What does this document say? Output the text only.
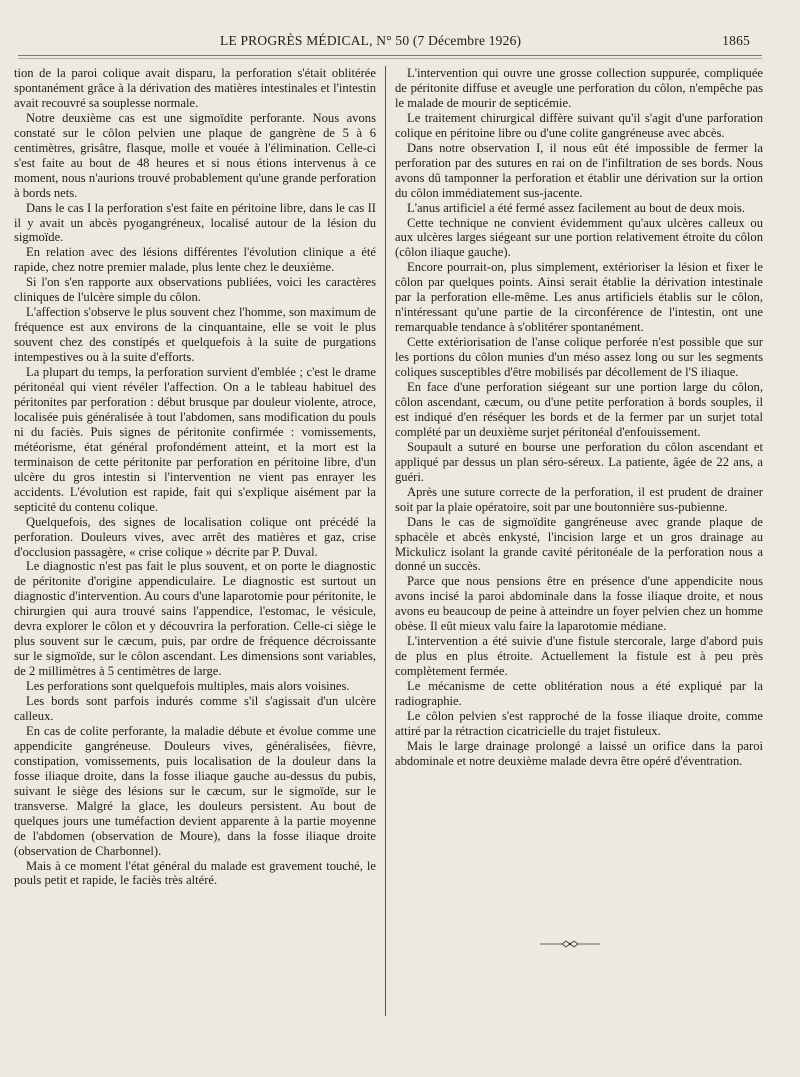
LE PROGRÈS MÉDICAL, N° 50 (7 Décembre 1926)	1865

tion de la paroi colique avait disparu, la perforation s'était oblitérée spontanément grâce à la dérivation des matières intestinales et l'intestin avait recouvré sa souplesse normale.

Notre deuxième cas est une sigmoïdite perforante. Nous avons constaté sur le côlon pelvien une plaque de gangrène de 5 à 6 centimètres, grisâtre, flasque, molle et vouée à l'élimination. Celle-ci s'est faite au bout de 48 heures et si nous étions intervenus à ce moment, nous n'aurions trouvé probablement qu'une grande perforation à bords nets.

Dans le cas I la perforation s'est faite en péritoine libre, dans le cas II il y avait un abcès pyogangréneux, localisé autour de la lésion du sigmoïde.

En relation avec des lésions différentes l'évolution clinique a été rapide, chez notre premier malade, plus lente chez le deuxième.

Si l'on s'en rapporte aux observations publiées, voici les caractères cliniques de l'ulcère simple du côlon.

L'affection s'observe le plus souvent chez l'homme, son maximum de fréquence est aux environs de la cinquantaine, elle se voit le plus souvent chez des constipés et quelquefois à la suite de purgations intempestives ou à la suite d'efforts.

La plupart du temps, la perforation survient d'emblée ; c'est le drame péritonéal qui vient révéler l'affection. On a le tableau habituel des péritonites par perforation : début brusque par douleur violente, atroce, localisée puis généralisée à tout l'abdomen, sans modification du pouls ni du faciès. Puis signes de péritonite confirmée : vomissements, météorisme, état général profondément atteint, et la mort est la terminaison de cette péritonite par perforation en péritoine libre, d'un ulcère du gros intestin si l'intervention ne vient pas enrayer les accidents. L'évolution est rapide, fait qui s'explique aisément par la septicité du contenu colique.

Quelquefois, des signes de localisation colique ont précédé la perforation. Douleurs vives, avec arrêt des matières et gaz, crise d'occlusion passagère, « crise colique » décrite par P. Duval.

Le diagnostic n'est pas fait le plus souvent, et on porte le diagnostic de péritonite d'origine appendiculaire. Le diagnostic est surtout un diagnostic d'intervention. Au cours d'une laparotomie pour péritonite, le chirurgien qui aura trouvé sains l'appendice, l'estomac, le vésicule, devra explorer le côlon et y découvrira la perforation. Celle-ci siège le plus souvent sur le cæcum, puis, par ordre de fréquence décroissante sur le sigmoïde, sur le côlon ascendant. Les dimensions sont variables, de 2 millimètres à 5 centimètres de large.

Les perforations sont quelquefois multiples, mais alors voisines.

Les bords sont parfois indurés comme s'il s'agissait d'un ulcère calleux.

En cas de colite perforante, la maladie débute et évolue comme une appendicite gangréneuse. Douleurs vives, généralisées, fièvre, constipation, vomissements, puis localisation de la douleur dans la fosse iliaque droite, dans la fosse iliaque gauche au-dessus du pubis, suivant le siège des lésions sur le cæcum, sur le sigmoïde, sur le transverse. Malgré la glace, les douleurs persistent. Au bout de quelques jours une tuméfaction devient apparente à la partie moyenne de l'abdomen (observation de Moure), dans la fosse iliaque droite (observation de Charbonnel).

Mais à ce moment l'état général du malade est gravement touché, le pouls petit et rapide, le faciès très altéré.

L'intervention qui ouvre une grosse collection suppurée, compliquée de péritonite diffuse et aveugle une perforation du côlon, n'empêche pas le malade de mourir de septicémie.

Le traitement chirurgical diffère suivant qu'il s'agit d'une parforation colique en péritoine libre ou d'une colite gangréneuse avec abcès.

Dans notre observation I, il nous eût été impossible de fermer la perforation par des sutures en rai on de l'infiltration de ses bords. Nous avons dû tamponner la perforation et établir une dérivation sur la ortion du côlon immédiatement sus-jacente.

L'anus artificiel a été fermé assez facilement au bout de deux mois.

Cette technique ne convient évidemment qu'aux ulcères calleux ou aux ulcères larges siégeant sur une portion relativement étroite du côlon (côlon iliaque gauche).

Encore pourrait-on, plus simplement, extérioriser la lésion et fixer le côlon par quelques points. Ainsi serait établie la dérivation intestinale par la perforation elle-même. Les anus artificiels établis sur le côlon, n'intéressant qu'une partie de la circonférence de l'intestin, ont une remarquable tendance à s'oblitérer spontanément.

Cette extériorisation de l'anse colique perforée n'est possible que sur les portions du côlon munies d'un méso assez long ou sur les segments coliques susceptibles d'être mobilisés par décollement de l'S iliaque.

En face d'une perforation siégeant sur une portion large du côlon, côlon ascendant, cæcum, ou d'une petite perforation à bords souples, il est indiqué d'en réséquer les bords et de la fermer par un surjet total complété par un deuxième surjet péritonéal d'enfouissement.

Soupault a suturé en bourse une perforation du côlon ascendant et appliqué par dessus un plan séro-séreux. La patiente, âgée de 22 ans, a guéri.

Après une suture correcte de la perforation, il est prudent de drainer soit par la plaie opératoire, soit par une boutonnière sus-pubienne.

Dans le cas de sigmoïdite gangréneuse avec grande plaque de sphacèle et abcès enkysté, l'incision large et un gros drainage au Mickulicz isolant la grande cavité péritonéale de la perforation nous a donné un succès.

Parce que nous pensions être en présence d'une appendicite nous avons incisé la paroi abdominale dans la fosse iliaque droite, et nous avons eu beaucoup de peine à atteindre un foyer pelvien chez un homme obèse. Il eût mieux valu faire la laparotomie médiane.

L'intervention a été suivie d'une fistule stercorale, large d'abord puis de plus en plus étroite. Actuellement la fistule est à peu près complètement fermée.

Le mécanisme de cette oblitération nous a été expliqué par la radiographie.

Le côlon pelvien s'est rapproché de la fosse iliaque droite, comme attiré par la rétraction cicatricielle du trajet fistuleux.

Mais le large drainage prolongé a laissé un orifice dans la paroi abdominale et notre deuxième malade devra être opéré d'éventration.
